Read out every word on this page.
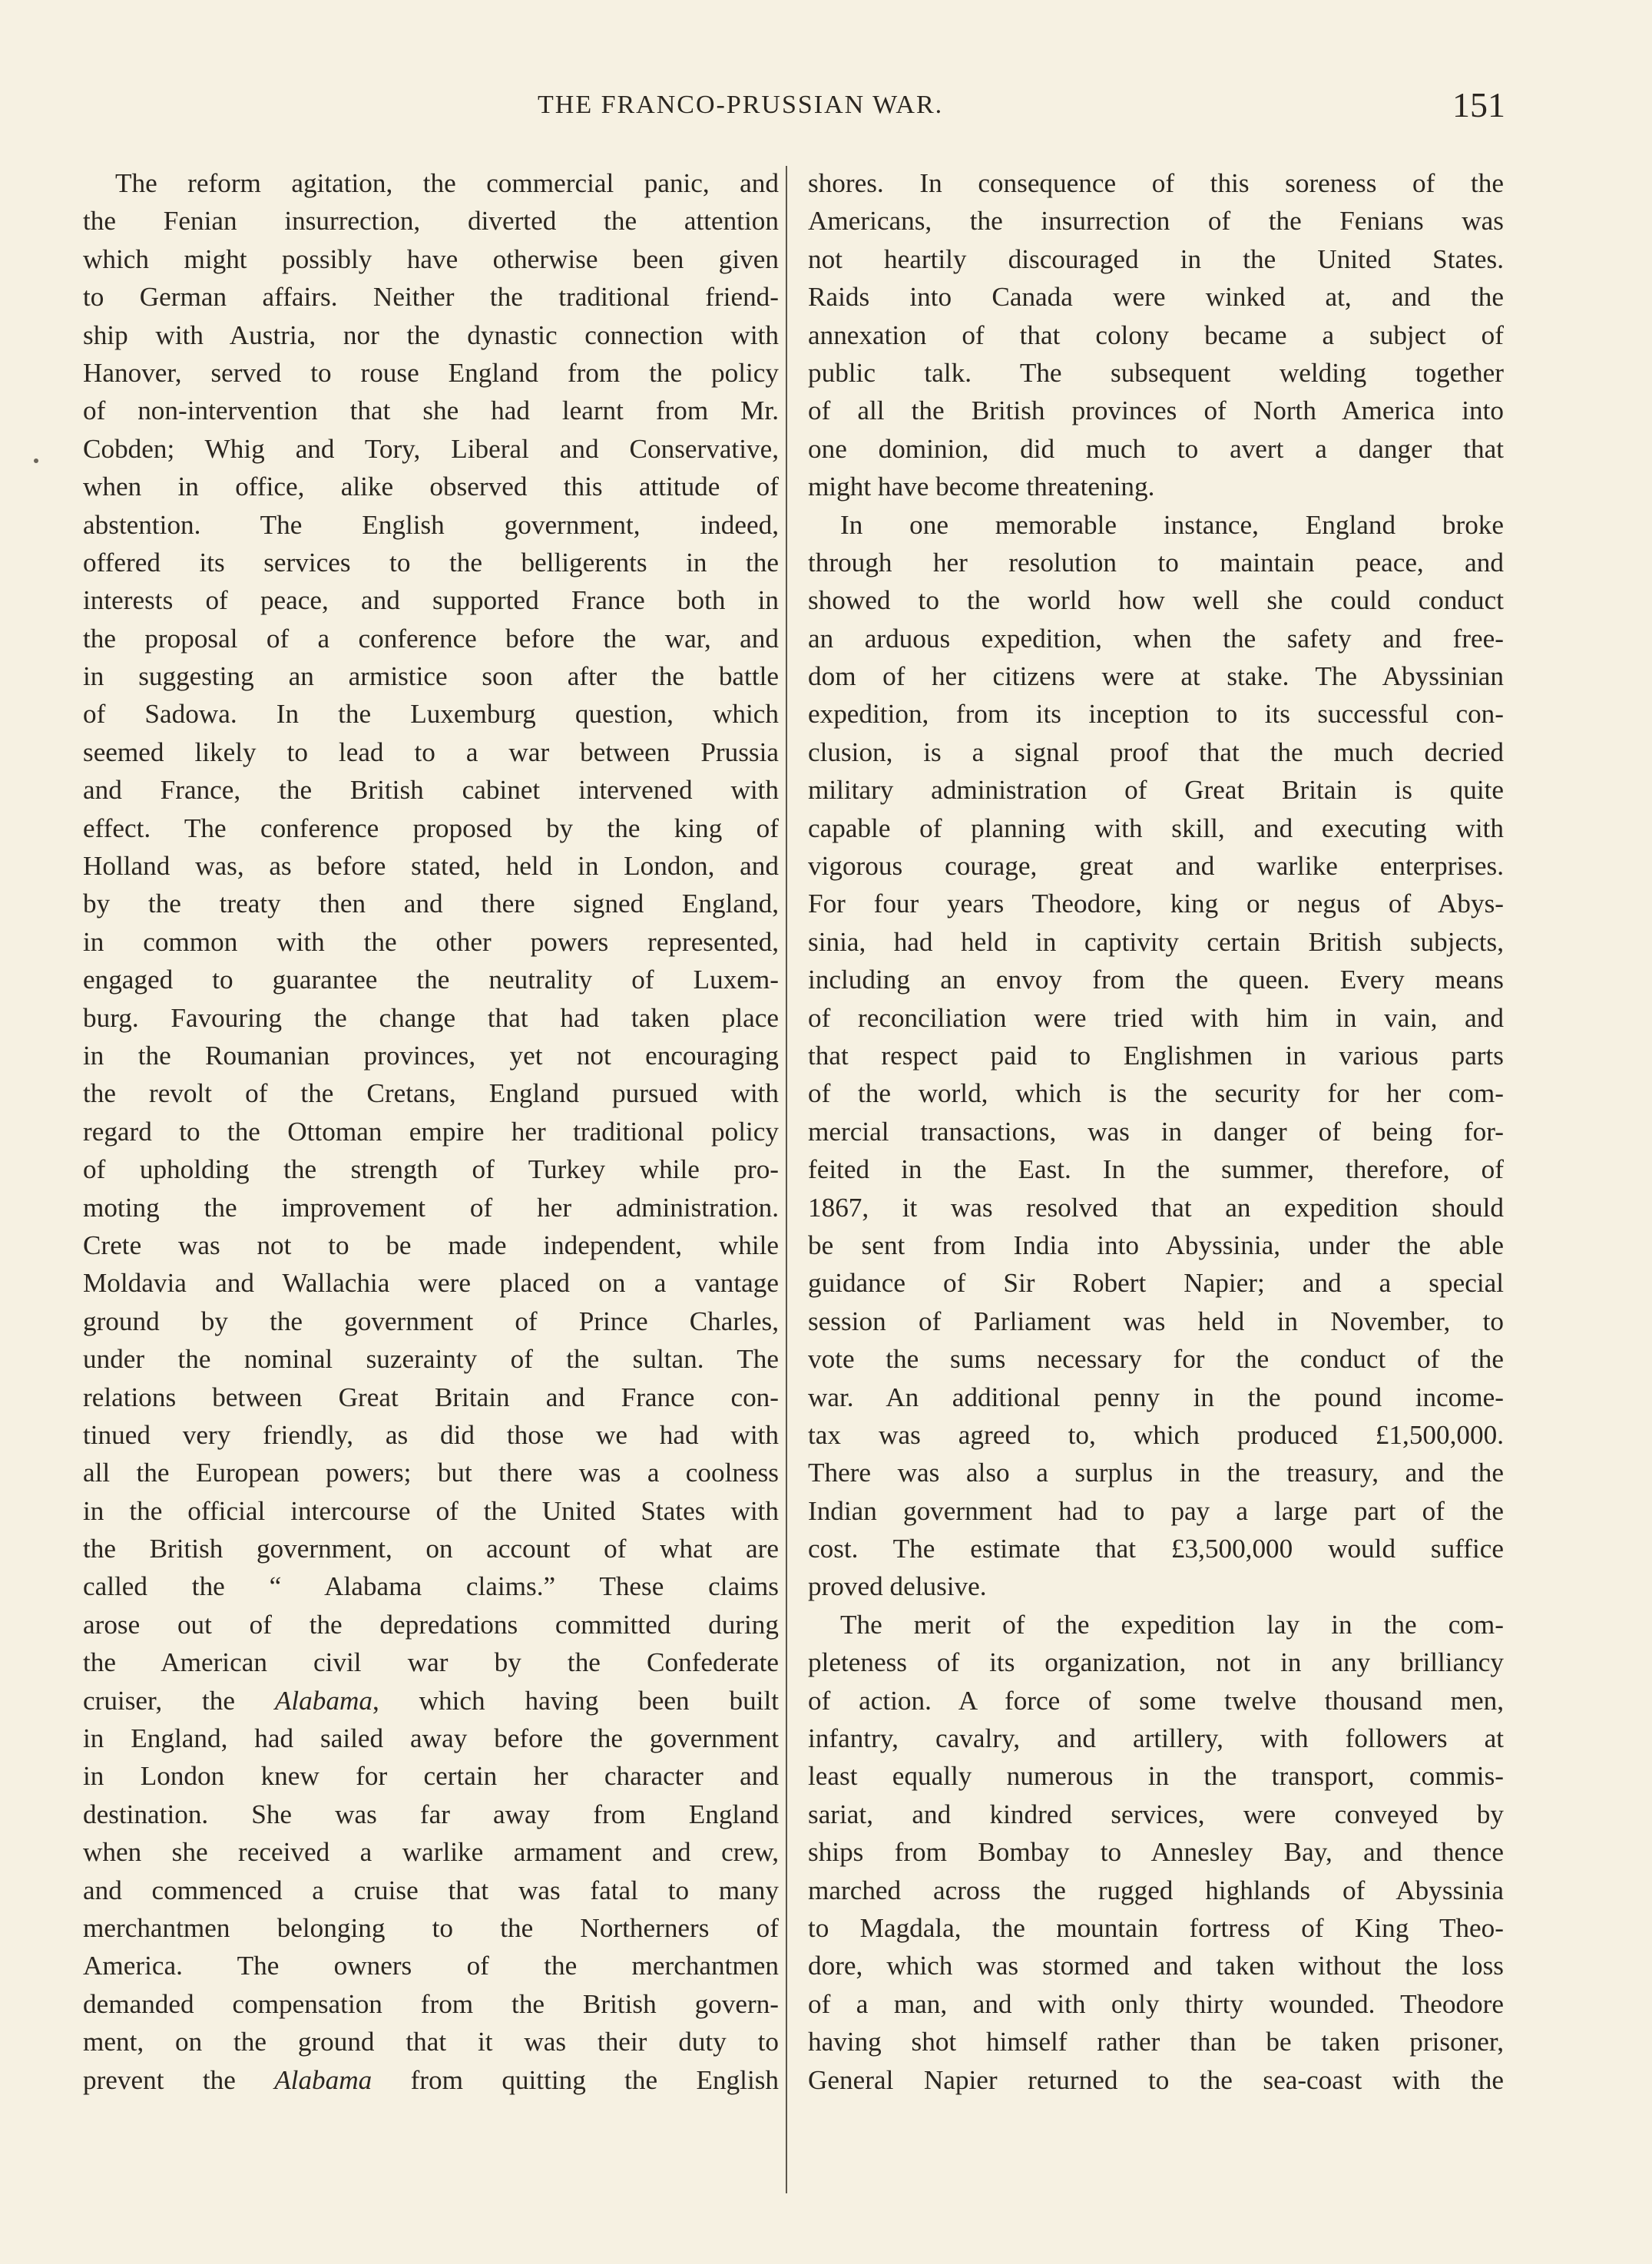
THE FRANCO-PRUSSIAN WAR.	151
The reform agitation, the commercial panic, and
the Fenian insurrection, diverted the attention
which might possibly have otherwise been given
to German affairs. Neither the traditional friend-
ship with Austria, nor the dynastic connection with
Hanover, served to rouse England from the policy
of non-intervention that she had learnt from Mr.
Cobden; Whig and Tory, Liberal and Conservative,
when in office, alike observed this attitude of
abstention. The English government, indeed,
offered its services to the belligerents in the
interests of peace, and supported France both in
the proposal of a conference before the war, and
in suggesting an armistice soon after the battle
of Sadowa. In the Luxemburg question, which
seemed likely to lead to a war between Prussia
and France, the British cabinet intervened with
effect. The conference proposed by the king of
Holland was, as before stated, held in London, and
by the treaty then and there signed England,
in common with the other powers represented,
engaged to guarantee the neutrality of Luxem-
burg. Favouring the change that had taken place
in the Roumanian provinces, yet not encouraging
the revolt of the Cretans, England pursued with
regard to the Ottoman empire her traditional policy
of upholding the strength of Turkey while pro-
moting the improvement of her administration.
Crete was not to be made independent, while
Moldavia and Wallachia were placed on a vantage
ground by the government of Prince Charles,
under the nominal suzerainty of the sultan. The
relations between Great Britain and France con-
tinued very friendly, as did those we had with
all the European powers; but there was a coolness
in the official intercourse of the United States with
the British government, on account of what are
called the “ Alabama claims.” These claims
arose out of the depredations committed during
the American civil war by the Confederate
cruiser, the Alabama, which having been built
in England, had sailed away before the government
in London knew for certain her character and
destination. She was far away from England
when she received a warlike armament and crew,
and commenced a cruise that was fatal to many
merchantmen belonging to the Northerners of
America. The owners of the merchantmen
demanded compensation from the British govern-
ment, on the ground that it was their duty to
prevent the Alabama from quitting the English
shores. In consequence of this soreness of the
Americans, the insurrection of the Fenians was
not heartily discouraged in the United States.
Raids into Canada were winked at, and the
annexation of that colony became a subject of
public talk. The subsequent welding together
of all the British provinces of North America into
one dominion, did much to avert a danger that
might have become threatening.
In one memorable instance, England broke
through her resolution to maintain peace, and
showed to the world how well she could conduct
an arduous expedition, when the safety and free-
dom of her citizens were at stake. The Abyssinian
expedition, from its inception to its successful con-
clusion, is a signal proof that the much decried
military administration of Great Britain is quite
capable of planning with skill, and executing with
vigorous courage, great and warlike enterprises.
For four years Theodore, king or negus of Abys-
sinia, had held in captivity certain British subjects,
including an envoy from the queen. Every means
of reconciliation were tried with him in vain, and
that respect paid to Englishmen in various parts
of the world, which is the security for her com-
mercial transactions, was in danger of being for-
feited in the East. In the summer, therefore, of
1867, it was resolved that an expedition should
be sent from India into Abyssinia, under the able
guidance of Sir Robert Napier; and a special
session of Parliament was held in November, to
vote the sums necessary for the conduct of the
war. An additional penny in the pound income-
tax was agreed to, which produced £1,500,000.
There was also a surplus in the treasury, and the
Indian government had to pay a large part of the
cost. The estimate that £3,500,000 would suffice
proved delusive.
The merit of the expedition lay in the com-
pleteness of its organization, not in any brilliancy
of action. A force of some twelve thousand men,
infantry, cavalry, and artillery, with followers at
least equally numerous in the transport, commis-
sariat, and kindred services, were conveyed by
ships from Bombay to Annesley Bay, and thence
marched across the rugged highlands of Abyssinia
to Magdala, the mountain fortress of King Theo-
dore, which was stormed and taken without the loss
of a man, and with only thirty wounded. Theodore
having shot himself rather than be taken prisoner,
General Napier returned to the sea-coast with the
